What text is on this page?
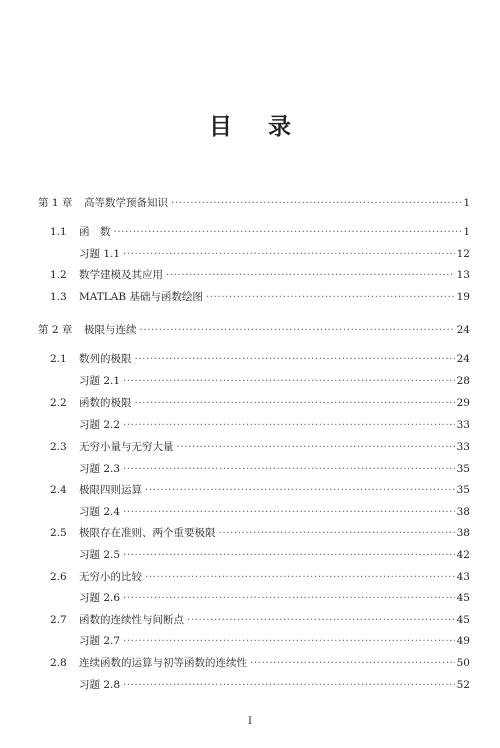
目 录
第 1 章	高等数学预备知识 ·····	1
1.1	函　数 ·····	1
习题 1.1 ·····	12
1.2	数学建模及其应用 ·····	13
1.3	MATLAB 基础与函数绘图 ·····	19
第 2 章	极限与连续 ·····	24
2.1	数列的极限 ·····	24
习题 2.1 ·····	28
2.2	函数的极限 ·····	29
习题 2.2 ·····	33
2.3	无穷小量与无穷大量 ·····	33
习题 2.3 ·····	35
2.4	极限四则运算 ·····	35
习题 2.4 ·····	38
2.5	极限存在准则、两个重要极限 ·····	38
习题 2.5 ·····	42
2.6	无穷小的比较 ·····	43
习题 2.6 ·····	45
2.7	函数的连续性与间断点 ·····	45
习题 2.7 ·····	49
2.8	连续函数的运算与初等函数的连续性 ·····	50
习题 2.8 ·····	52
I
